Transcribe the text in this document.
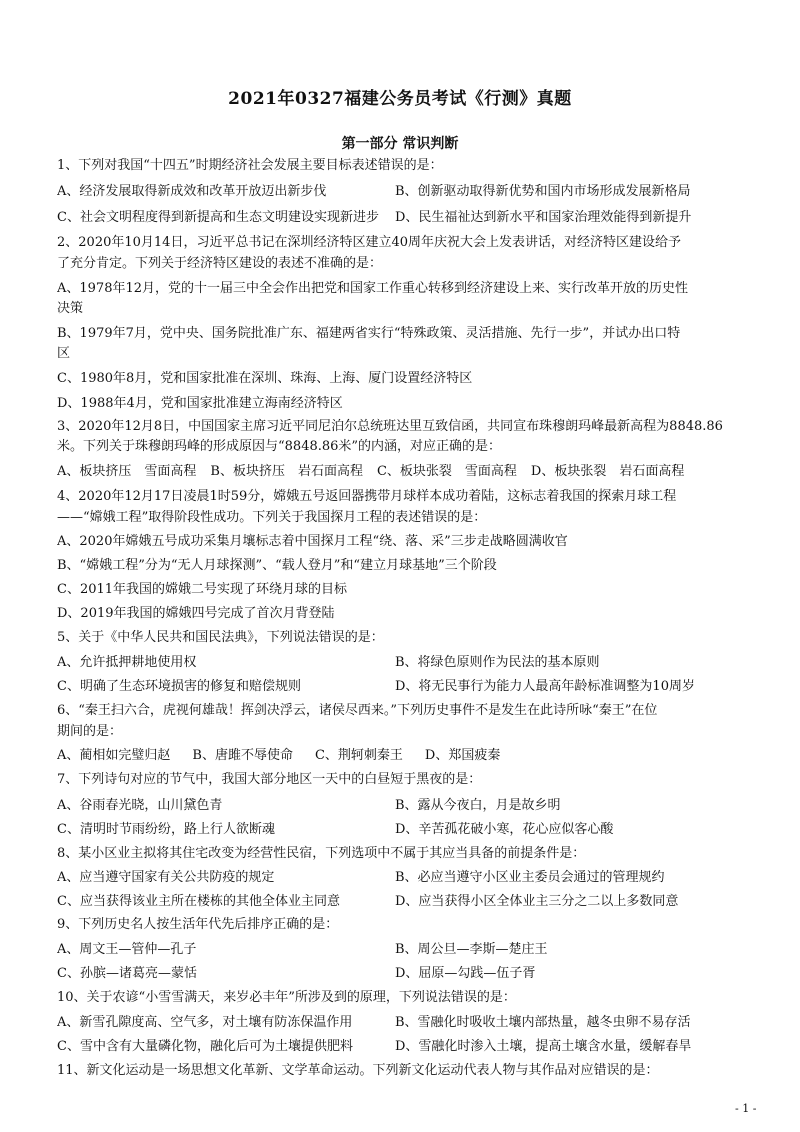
2021年0327福建公务员考试《行测》真题
第一部分 常识判断
1、下列对我国“十四五”时期经济社会发展主要目标表述错误的是：
A、经济发展取得新成效和改革开放迈出新步伐	B、创新驱动取得新优势和国内市场形成发展新格局
C、社会文明程度得到新提高和生态文明建设实现新进步	D、民生福祉达到新水平和国家治理效能得到新提升
2、2020年10月14日，习近平总书记在深圳经济特区建立40周年庆祝大会上发表讲话，对经济特区建设给予
了充分肯定。下列关于经济特区建设的表述不准确的是：
A、1978年12月，党的十一届三中全会作出把党和国家工作重心转移到经济建设上来、实行改革开放的历史性
决策
B、1979年7月，党中央、国务院批准广东、福建两省实行“特殊政策、灵活措施、先行一步”，并试办出口特
区
C、1980年8月，党和国家批准在深圳、珠海、上海、厦门设置经济特区
D、1988年4月，党和国家批准建立海南经济特区
3、2020年12月8日，中国国家主席习近平同尼泊尔总统班达里互致信函，共同宣布珠穆朗玛峰最新高程为8848.86
米。下列关于珠穆朗玛峰的形成原因与“8848.86米”的内涵，对应正确的是：
A、板块挤压　雪面高程 B、板块挤压　岩石面高程 C、板块张裂　雪面高程 D、板块张裂　岩石面高程
4、2020年12月17日凌晨1时59分，嫦娥五号返回器携带月球样本成功着陆，这标志着我国的探索月球工程
——“嫦娥工程”取得阶段性成功。下列关于我国探月工程的表述错误的是：
A、2020年嫦娥五号成功采集月壤标志着中国探月工程“绕、落、采”三步走战略圆满收官
B、“嫦娥工程”分为“无人月球探测”、“载人登月”和“建立月球基地”三个阶段
C、2011年我国的嫦娥二号实现了环绕月球的目标
D、2019年我国的嫦娥四号完成了首次月背登陆
5、关于《中华人民共和国民法典》，下列说法错误的是：
A、允许抵押耕地使用权	B、将绿色原则作为民法的基本原则
C、明确了生态环境损害的修复和赔偿规则	D、将无民事行为能力人最高年龄标准调整为10周岁
6、“秦王扫六合，虎视何雄哉！挥剑决浮云，诸侯尽西来。”下列历史事件不是发生在此诗所咏“秦王”在位
期间的是：
A、蔺相如完璧归赵 B、唐雎不辱使命 C、荆轲刺秦王 D、郑国疲秦
7、下列诗句对应的节气中，我国大部分地区一天中的白昼短于黑夜的是：
A、谷雨春光晓，山川黛色青	B、露从今夜白，月是故乡明
C、清明时节雨纷纷，路上行人欲断魂	D、辛苦孤花破小寒，花心应似客心酸
8、某小区业主拟将其住宅改变为经营性民宿，下列选项中不属于其应当具备的前提条件是：
A、应当遵守国家有关公共防疫的规定	B、必应当遵守小区业主委员会通过的管理规约
C、应当获得该业主所在楼栋的其他全体业主同意	D、应当获得小区全体业主三分之二以上多数同意
9、下列历史名人按生活年代先后排序正确的是：
A、周文王—管仲—孔子	B、周公旦—李斯—楚庄王
C、孙膑—诸葛亮—蒙恬	D、屈原—勾践—伍子胥
10、关于农谚“小雪雪满天，来岁必丰年”所涉及到的原理，下列说法错误的是：
A、新雪孔隙度高、空气多，对土壤有防冻保温作用	B、雪融化时吸收土壤内部热量，越冬虫卵不易存活
C、雪中含有大量磷化物，融化后可为土壤提供肥料	D、雪融化时渗入土壤，提高土壤含水量，缓解春旱
11、新文化运动是一场思想文化革新、文学革命运动。下列新文化运动代表人物与其作品对应错误的是：
- 1 -
